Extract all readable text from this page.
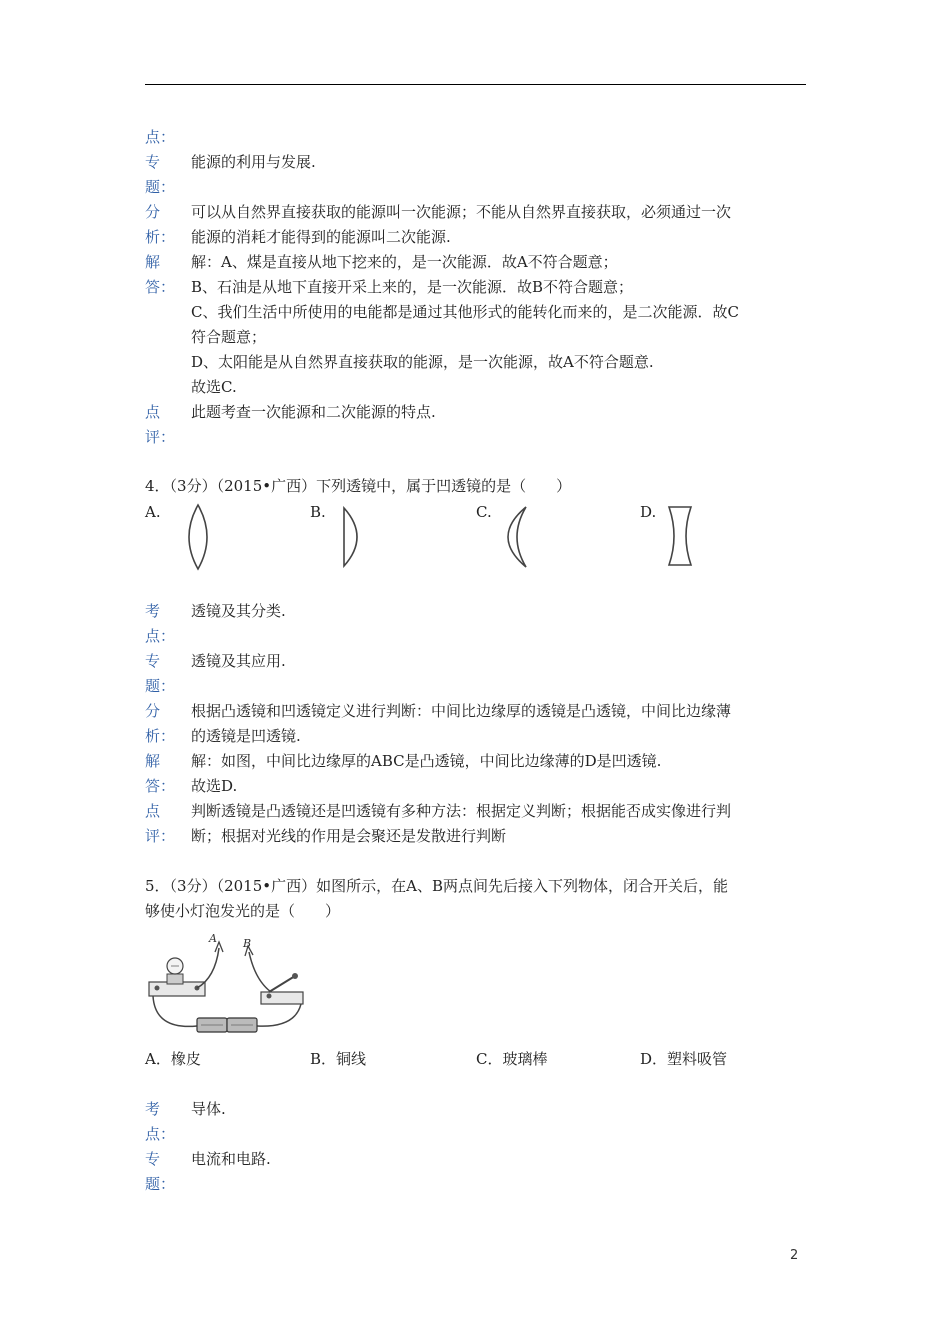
点：
专 能源的利用与发展.
题：
分 可以从自然界直接获取的能源叫一次能源；不能从自然界直接获取，必须通过一次
析： 能源的消耗才能得到的能源叫二次能源.
解 解：A、煤是直接从地下挖来的，是一次能源．故A不符合题意；
答： B、石油是从地下直接开采上来的，是一次能源．故B不符合题意；
C、我们生活中所使用的电能都是通过其他形式的能转化而来的，是二次能源．故C
符合题意；
D、太阳能是从自然界直接获取的能源，是一次能源，故A不符合题意.
故选C.
点 此题考查一次能源和二次能源的特点.
评：
4．（3分）（2015•广西）下列透镜中，属于凹透镜的是（　　）
A.	B.	C.	D.
考 透镜及其分类.
点：
专 透镜及其应用.
题：
分 根据凸透镜和凹透镜定义进行判断：中间比边缘厚的透镜是凸透镜，中间比边缘薄
析： 的透镜是凹透镜.
解 解：如图，中间比边缘厚的ABC是凸透镜，中间比边缘薄的D是凹透镜.
答： 故选D.
点 判断透镜是凸透镜还是凹透镜有多种方法：根据定义判断；根据能否成实像进行判
评： 断；根据对光线的作用是会聚还是发散进行判断
5．（3分）（2015•广西）如图所示，在A、B两点间先后接入下列物体，闭合开关后，能
够使小灯泡发光的是（　　）
A B
A．橡皮	B．铜线	C．玻璃棒	D．塑料吸管
考 导体.
点：
专 电流和电路.
题：
2
